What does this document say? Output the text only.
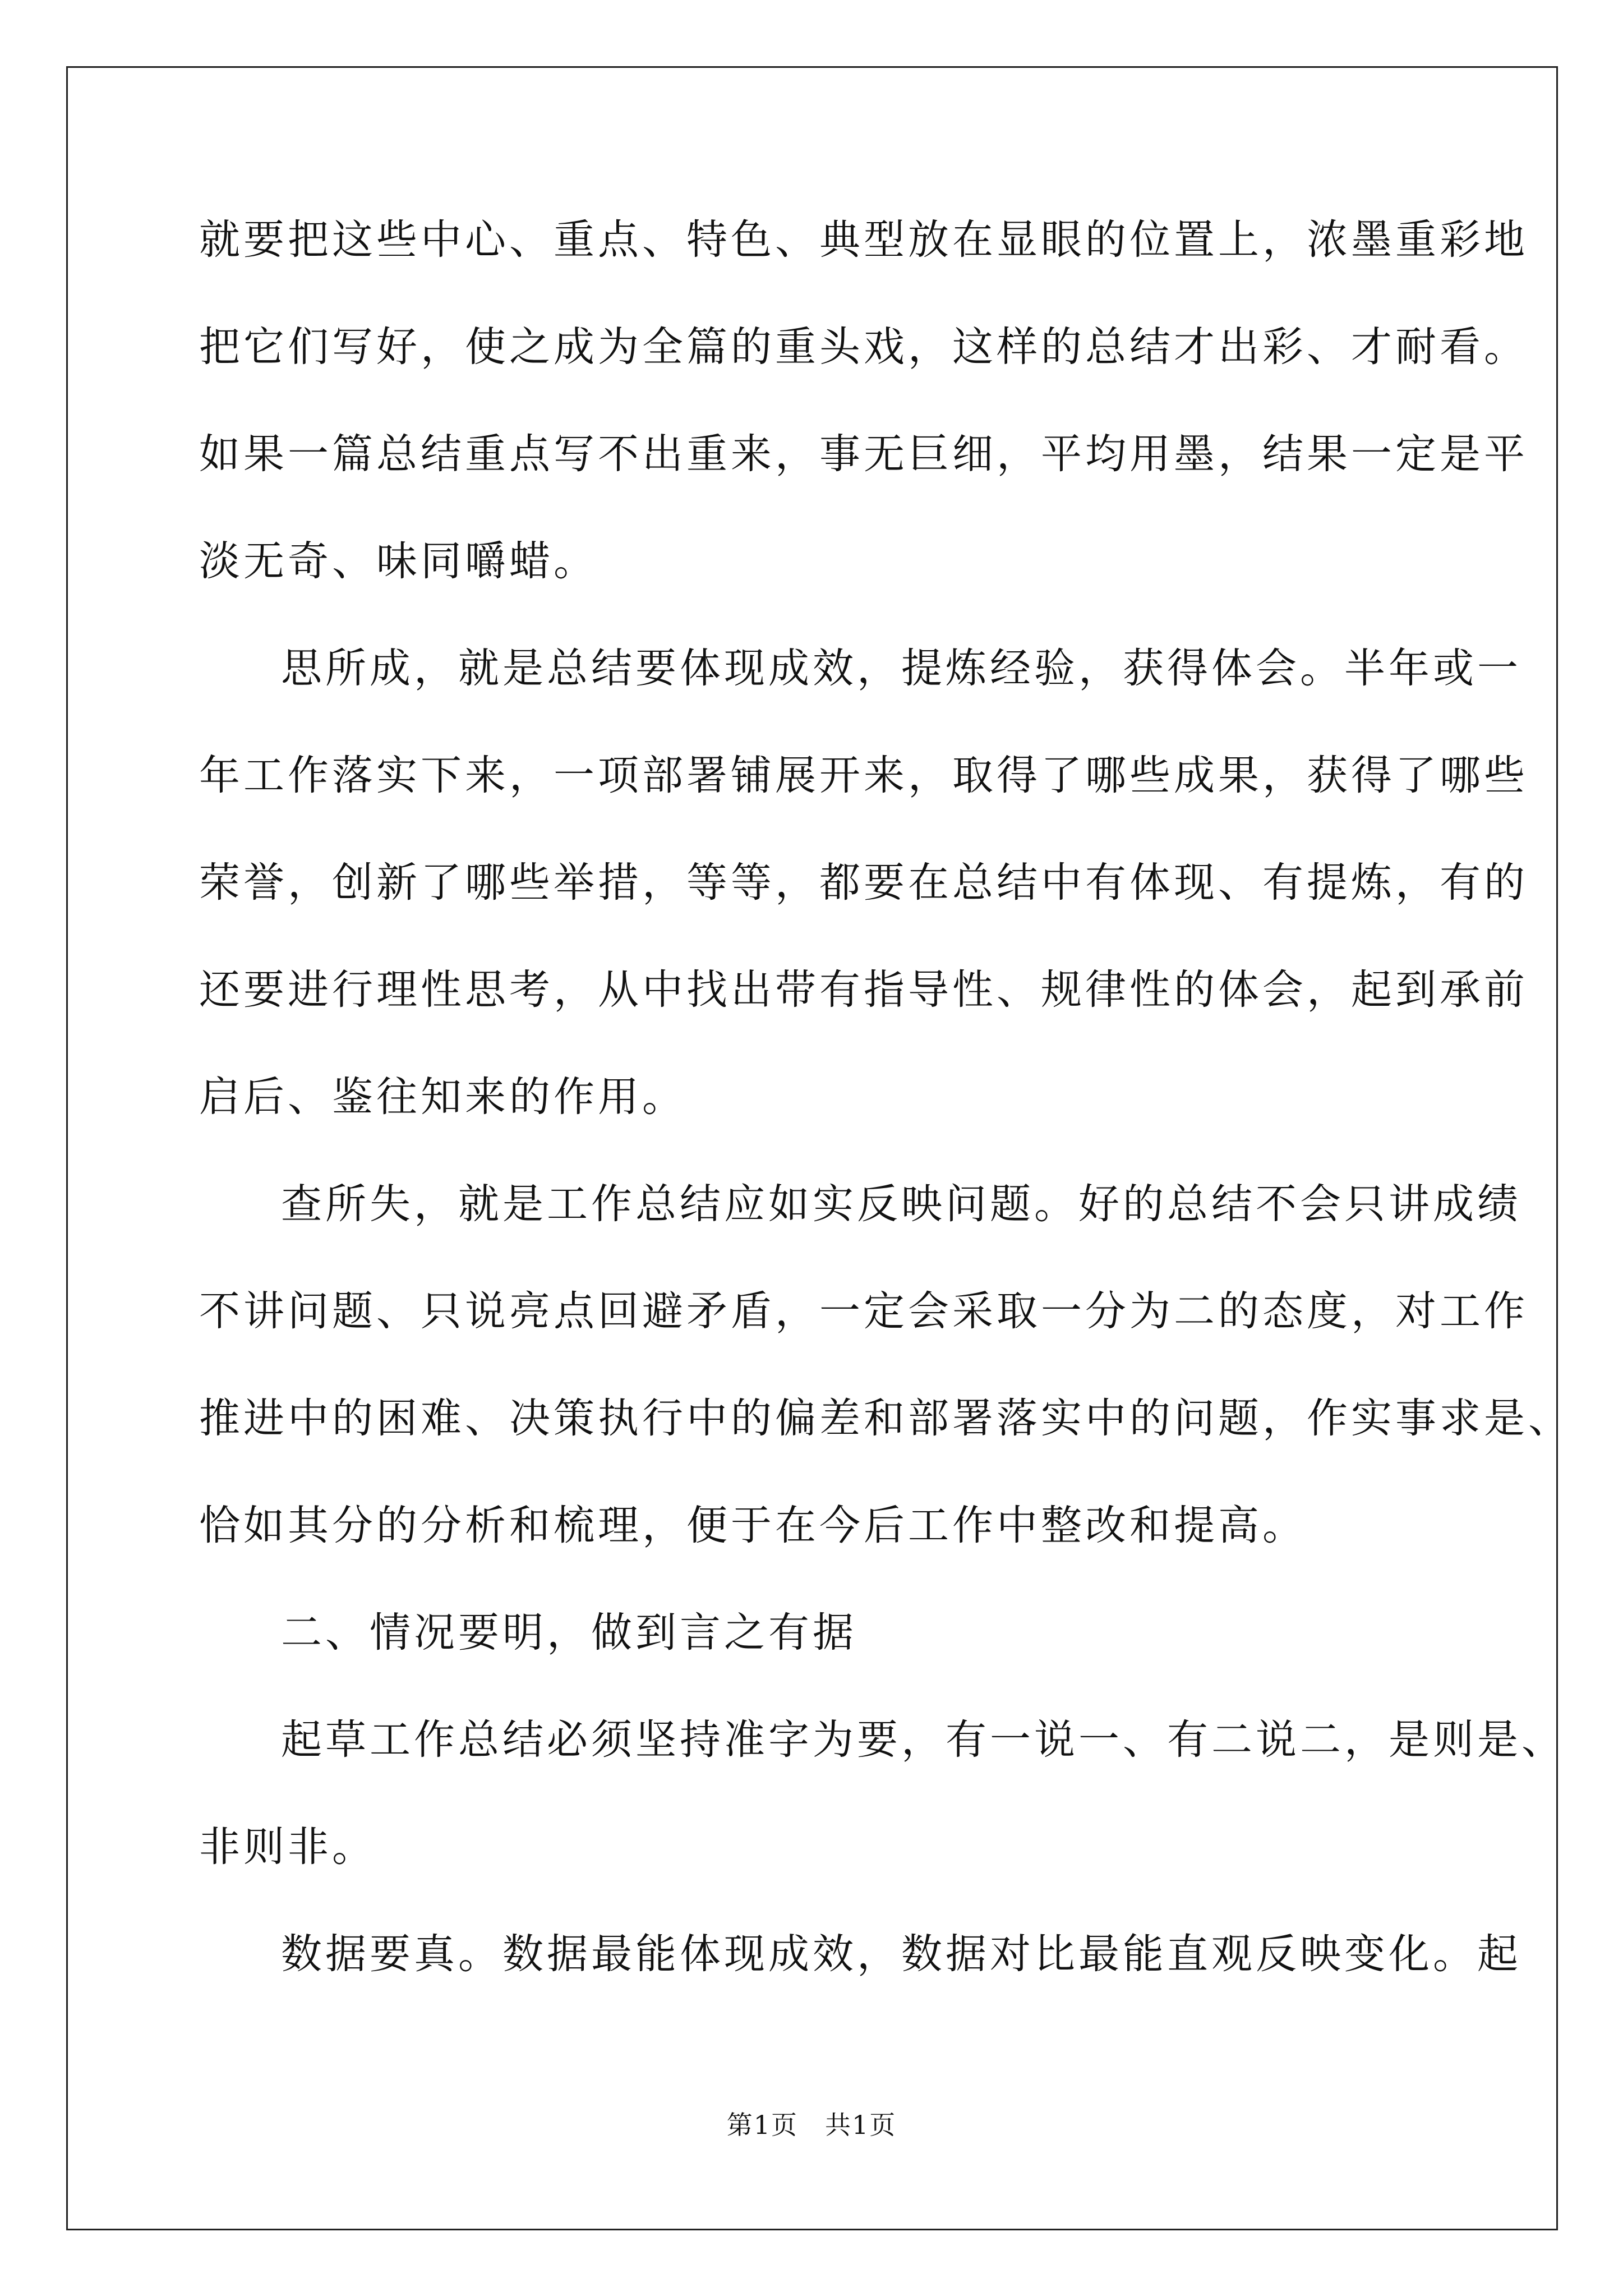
就要把这些中心、重点、特色、典型放在显眼的位置上，浓墨重彩地
把它们写好，使之成为全篇的重头戏，这样的总结才出彩、才耐看。
如果一篇总结重点写不出重来，事无巨细，平均用墨，结果一定是平
淡无奇、味同嚼蜡。
思所成，就是总结要体现成效，提炼经验，获得体会。半年或一
年工作落实下来，一项部署铺展开来，取得了哪些成果，获得了哪些
荣誉，创新了哪些举措，等等，都要在总结中有体现、有提炼，有的
还要进行理性思考，从中找出带有指导性、规律性的体会，起到承前
启后、鉴往知来的作用。
查所失，就是工作总结应如实反映问题。好的总结不会只讲成绩
不讲问题、只说亮点回避矛盾，一定会采取一分为二的态度，对工作
推进中的困难、决策执行中的偏差和部署落实中的问题，作实事求是、
恰如其分的分析和梳理，便于在今后工作中整改和提高。
二、情况要明，做到言之有据
起草工作总结必须坚持准字为要，有一说一、有二说二，是则是、
非则非。
数据要真。数据最能体现成效，数据对比最能直观反映变化。起
第1页 共1页
